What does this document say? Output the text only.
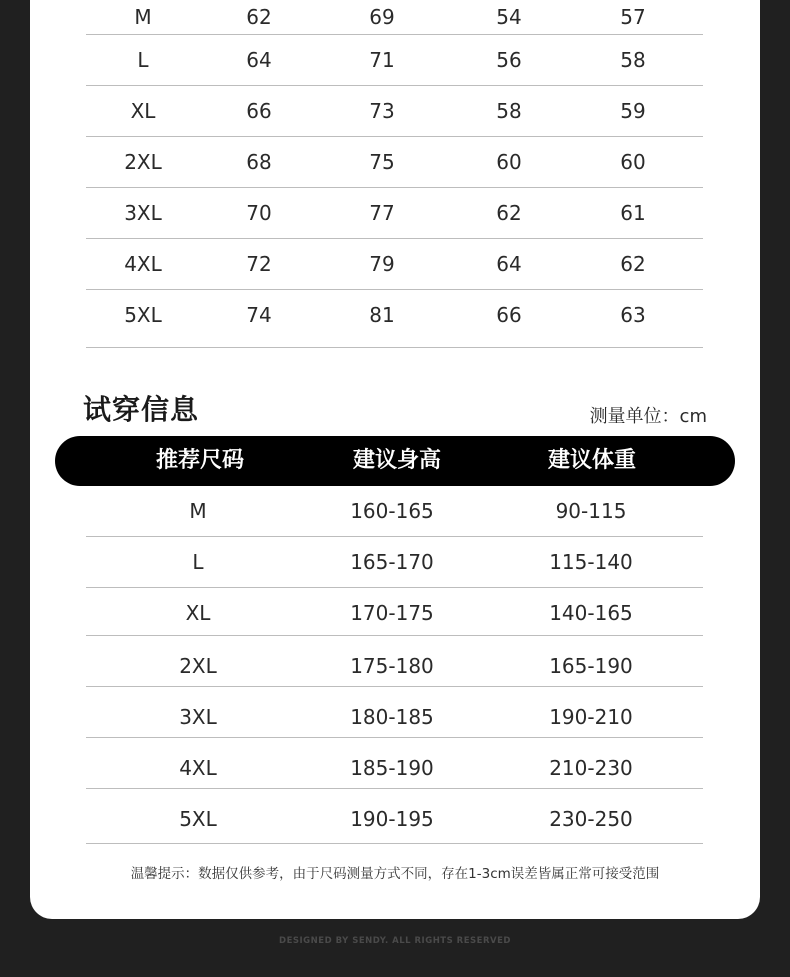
M	62	69	54	57
L	64	71	56	58
XL	66	73	58	59
2XL	68	75	60	60
3XL	70	77	62	61
4XL	72	79	64	62
5XL	74	81	66	63
试穿信息	测量单位：cm
推荐尺码	建议身高	建议体重
M	160-165	90-115
L	165-170	115-140
XL	170-175	140-165
2XL	175-180	165-190
3XL	180-185	190-210
4XL	185-190	210-230
5XL	190-195	230-250
温馨提示：数据仅供参考，由于尺码测量方式不同，存在1-3cm误差皆属正常可接受范围
DESIGNED BY SENDY. ALL RIGHTS RESERVED
